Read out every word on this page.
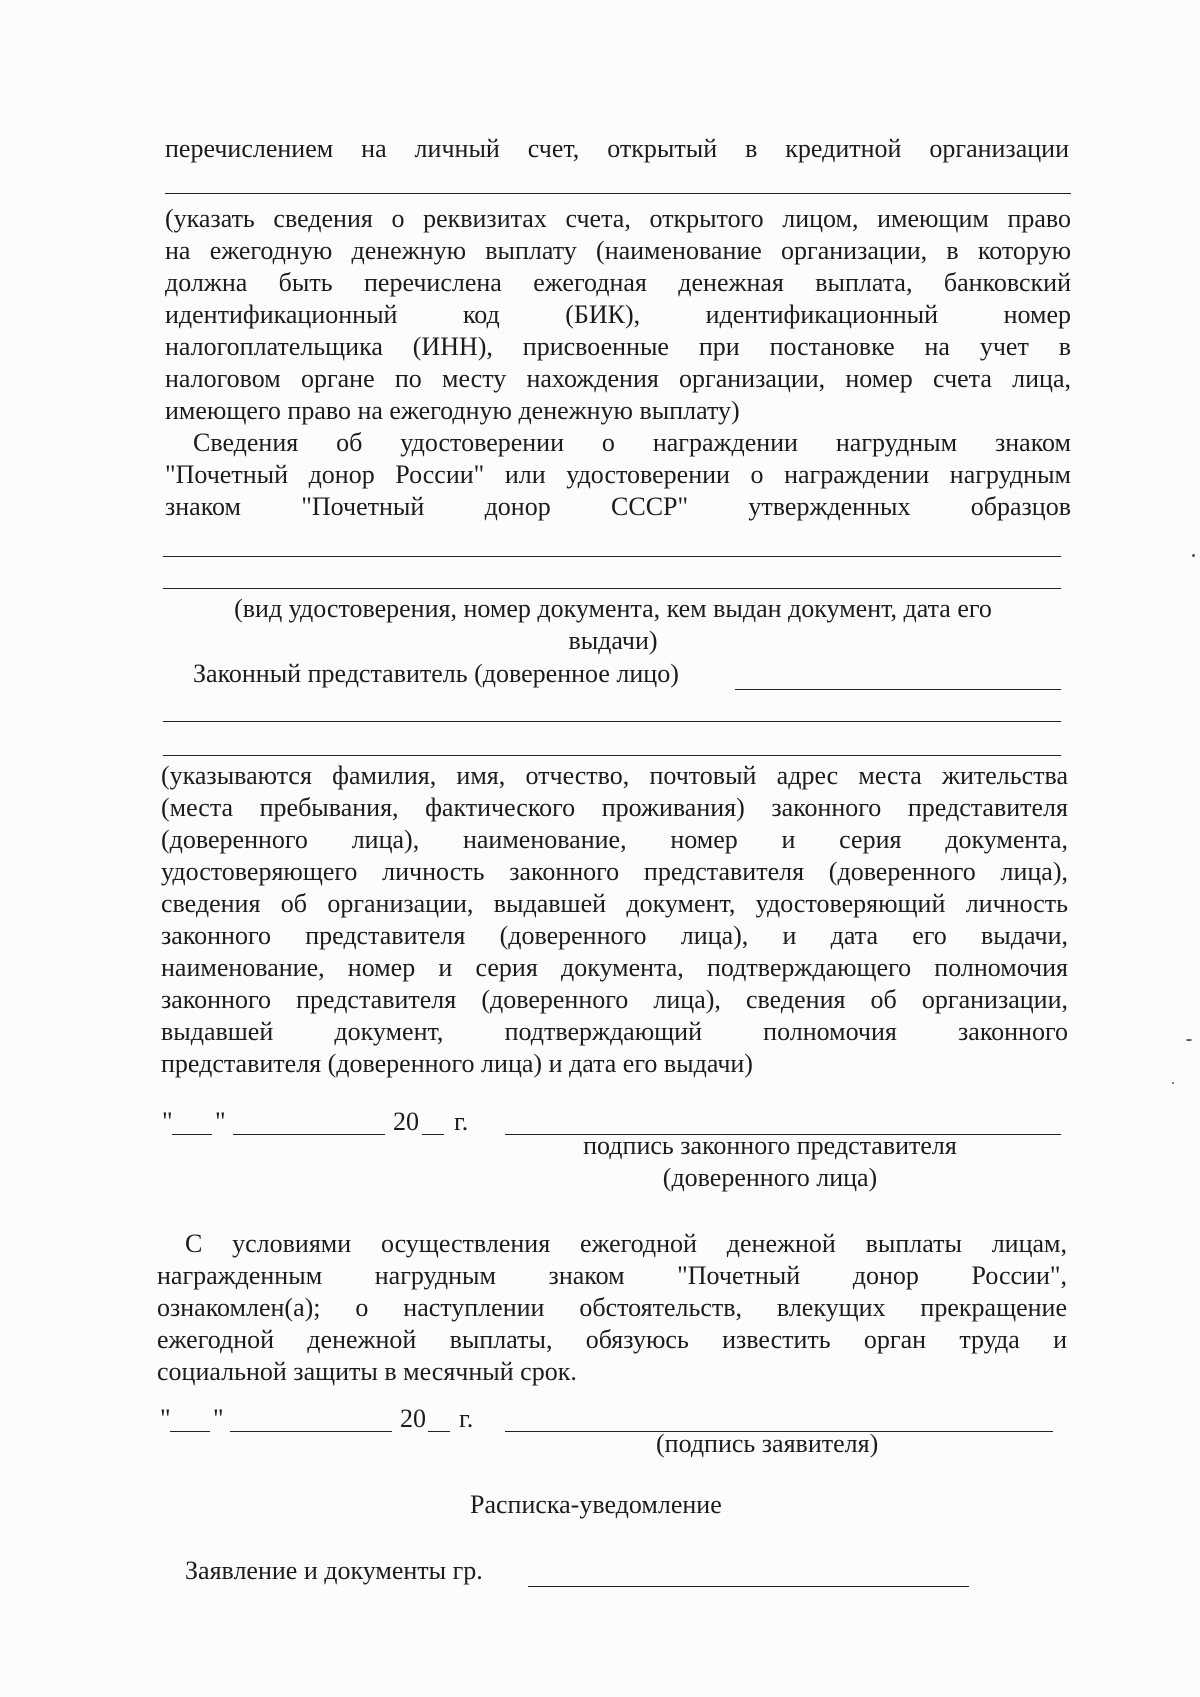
перечислением на личный счет, открытый в кредитной организации
(указать сведения о реквизитах счета, открытого лицом, имеющим право
на ежегодную денежную выплату (наименование организации, в которую
должна быть перечислена ежегодная денежная выплата, банковский
идентификационный код (БИК), идентификационный номер
налогоплательщика (ИНН), присвоенные при постановке на учет в
налоговом органе по месту нахождения организации, номер счета лица,
имеющего право на ежегодную денежную выплату)
Сведения об удостоверении о награждении нагрудным знаком
"Почетный донор России" или удостоверении о награждении нагрудным
знаком "Почетный донор СССР" утвержденных образцов
(вид удостоверения, номер документа, кем выдан документ, дата его
выдачи)
Законный представитель (доверенное лицо)
(указываются фамилия, имя, отчество, почтовый адрес места жительства
(места пребывания, фактического проживания) законного представителя
(доверенного лица), наименование, номер и серия документа,
удостоверяющего личность законного представителя (доверенного лица),
сведения об организации, выдавшей документ, удостоверяющий личность
законного представителя (доверенного лица), и дата его выдачи,
наименование, номер и серия документа, подтверждающего полномочия
законного представителя (доверенного лица), сведения об организации,
выдавшей документ, подтверждающий полномочия законного
представителя (доверенного лица) и дата его выдачи)
" "	20 г.
подпись законного представителя
(доверенного лица)
С условиями осуществления ежегодной денежной выплаты лицам,
награжденным нагрудным знаком "Почетный донор России",
ознакомлен(а); о наступлении обстоятельств, влекущих прекращение
ежегодной денежной выплаты, обязуюсь известить орган труда и
социальной защиты в месячный срок.
" "	20 г.
(подпись заявителя)
Расписка-уведомление
Заявление и документы гр.
